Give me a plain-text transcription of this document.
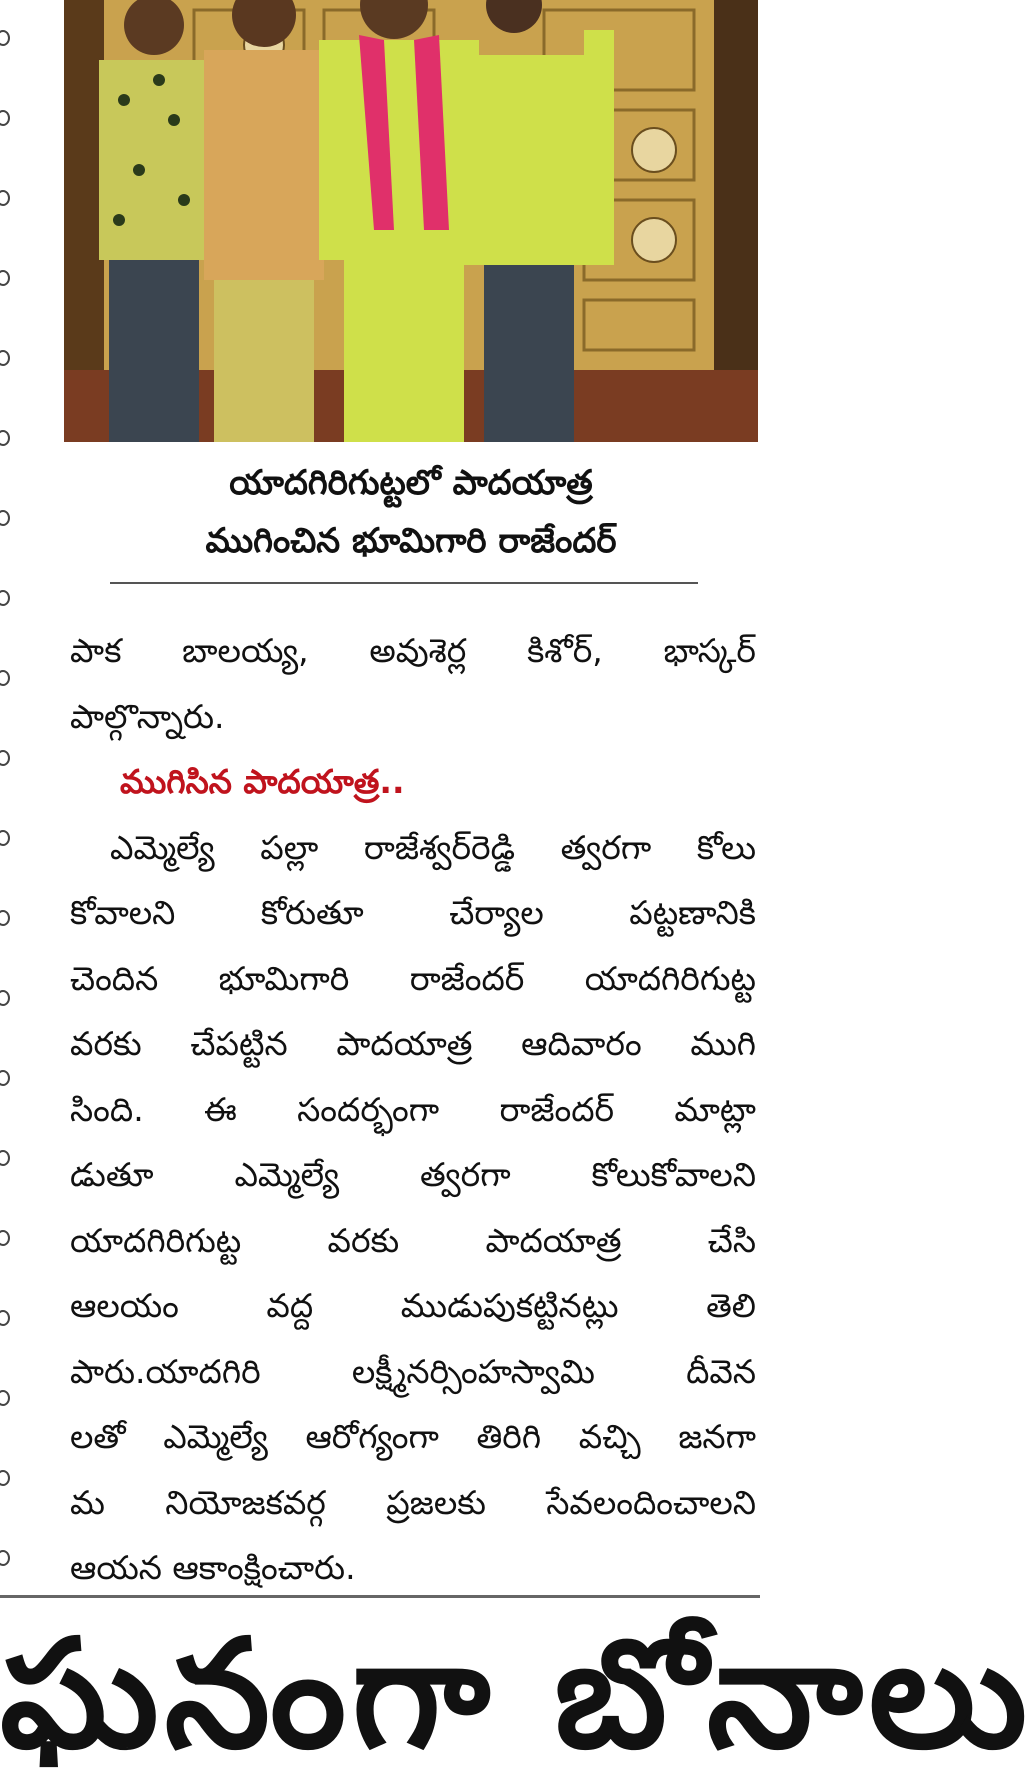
యాదగిరిగుట్టలో పాదయాత్ర
ముగించిన భూమిగారి రాజేందర్
పాక బాలయ్య, అవుశెర్ల కిశోర్, భాస్కర్
పాల్గొన్నారు.
ముగిసిన పాదయాత్ర..
ఎమ్మెల్యే పల్లా రాజేశ్వర్‌రెడ్డి త్వరగా కోలు
కోవాలని కోరుతూ చేర్యాల పట్టణానికి
చెందిన భూమిగారి రాజేందర్ యాదగిరిగుట్ట
వరకు చేపట్టిన పాదయాత్ర ఆదివారం ముగి
సింది. ఈ సందర్భంగా రాజేందర్ మాట్లా
డుతూ ఎమ్మెల్యే త్వరగా కోలుకోవాలని
యాదగిరిగుట్ట వరకు పాదయాత్ర చేసి
ఆలయం వద్ద ముడుపుకట్టినట్లు తెలి
పారు.యాదగిరి లక్ష్మీనర్సింహస్వామి దీవెన
లతో ఎమ్మెల్యే ఆరోగ్యంగా తిరిగి వచ్చి జనగా
మ నియోజకవర్గ ప్రజలకు సేవలందించాలని
ఆయన ఆకాంక్షించారు.
ఘనంగా బోనాలు
